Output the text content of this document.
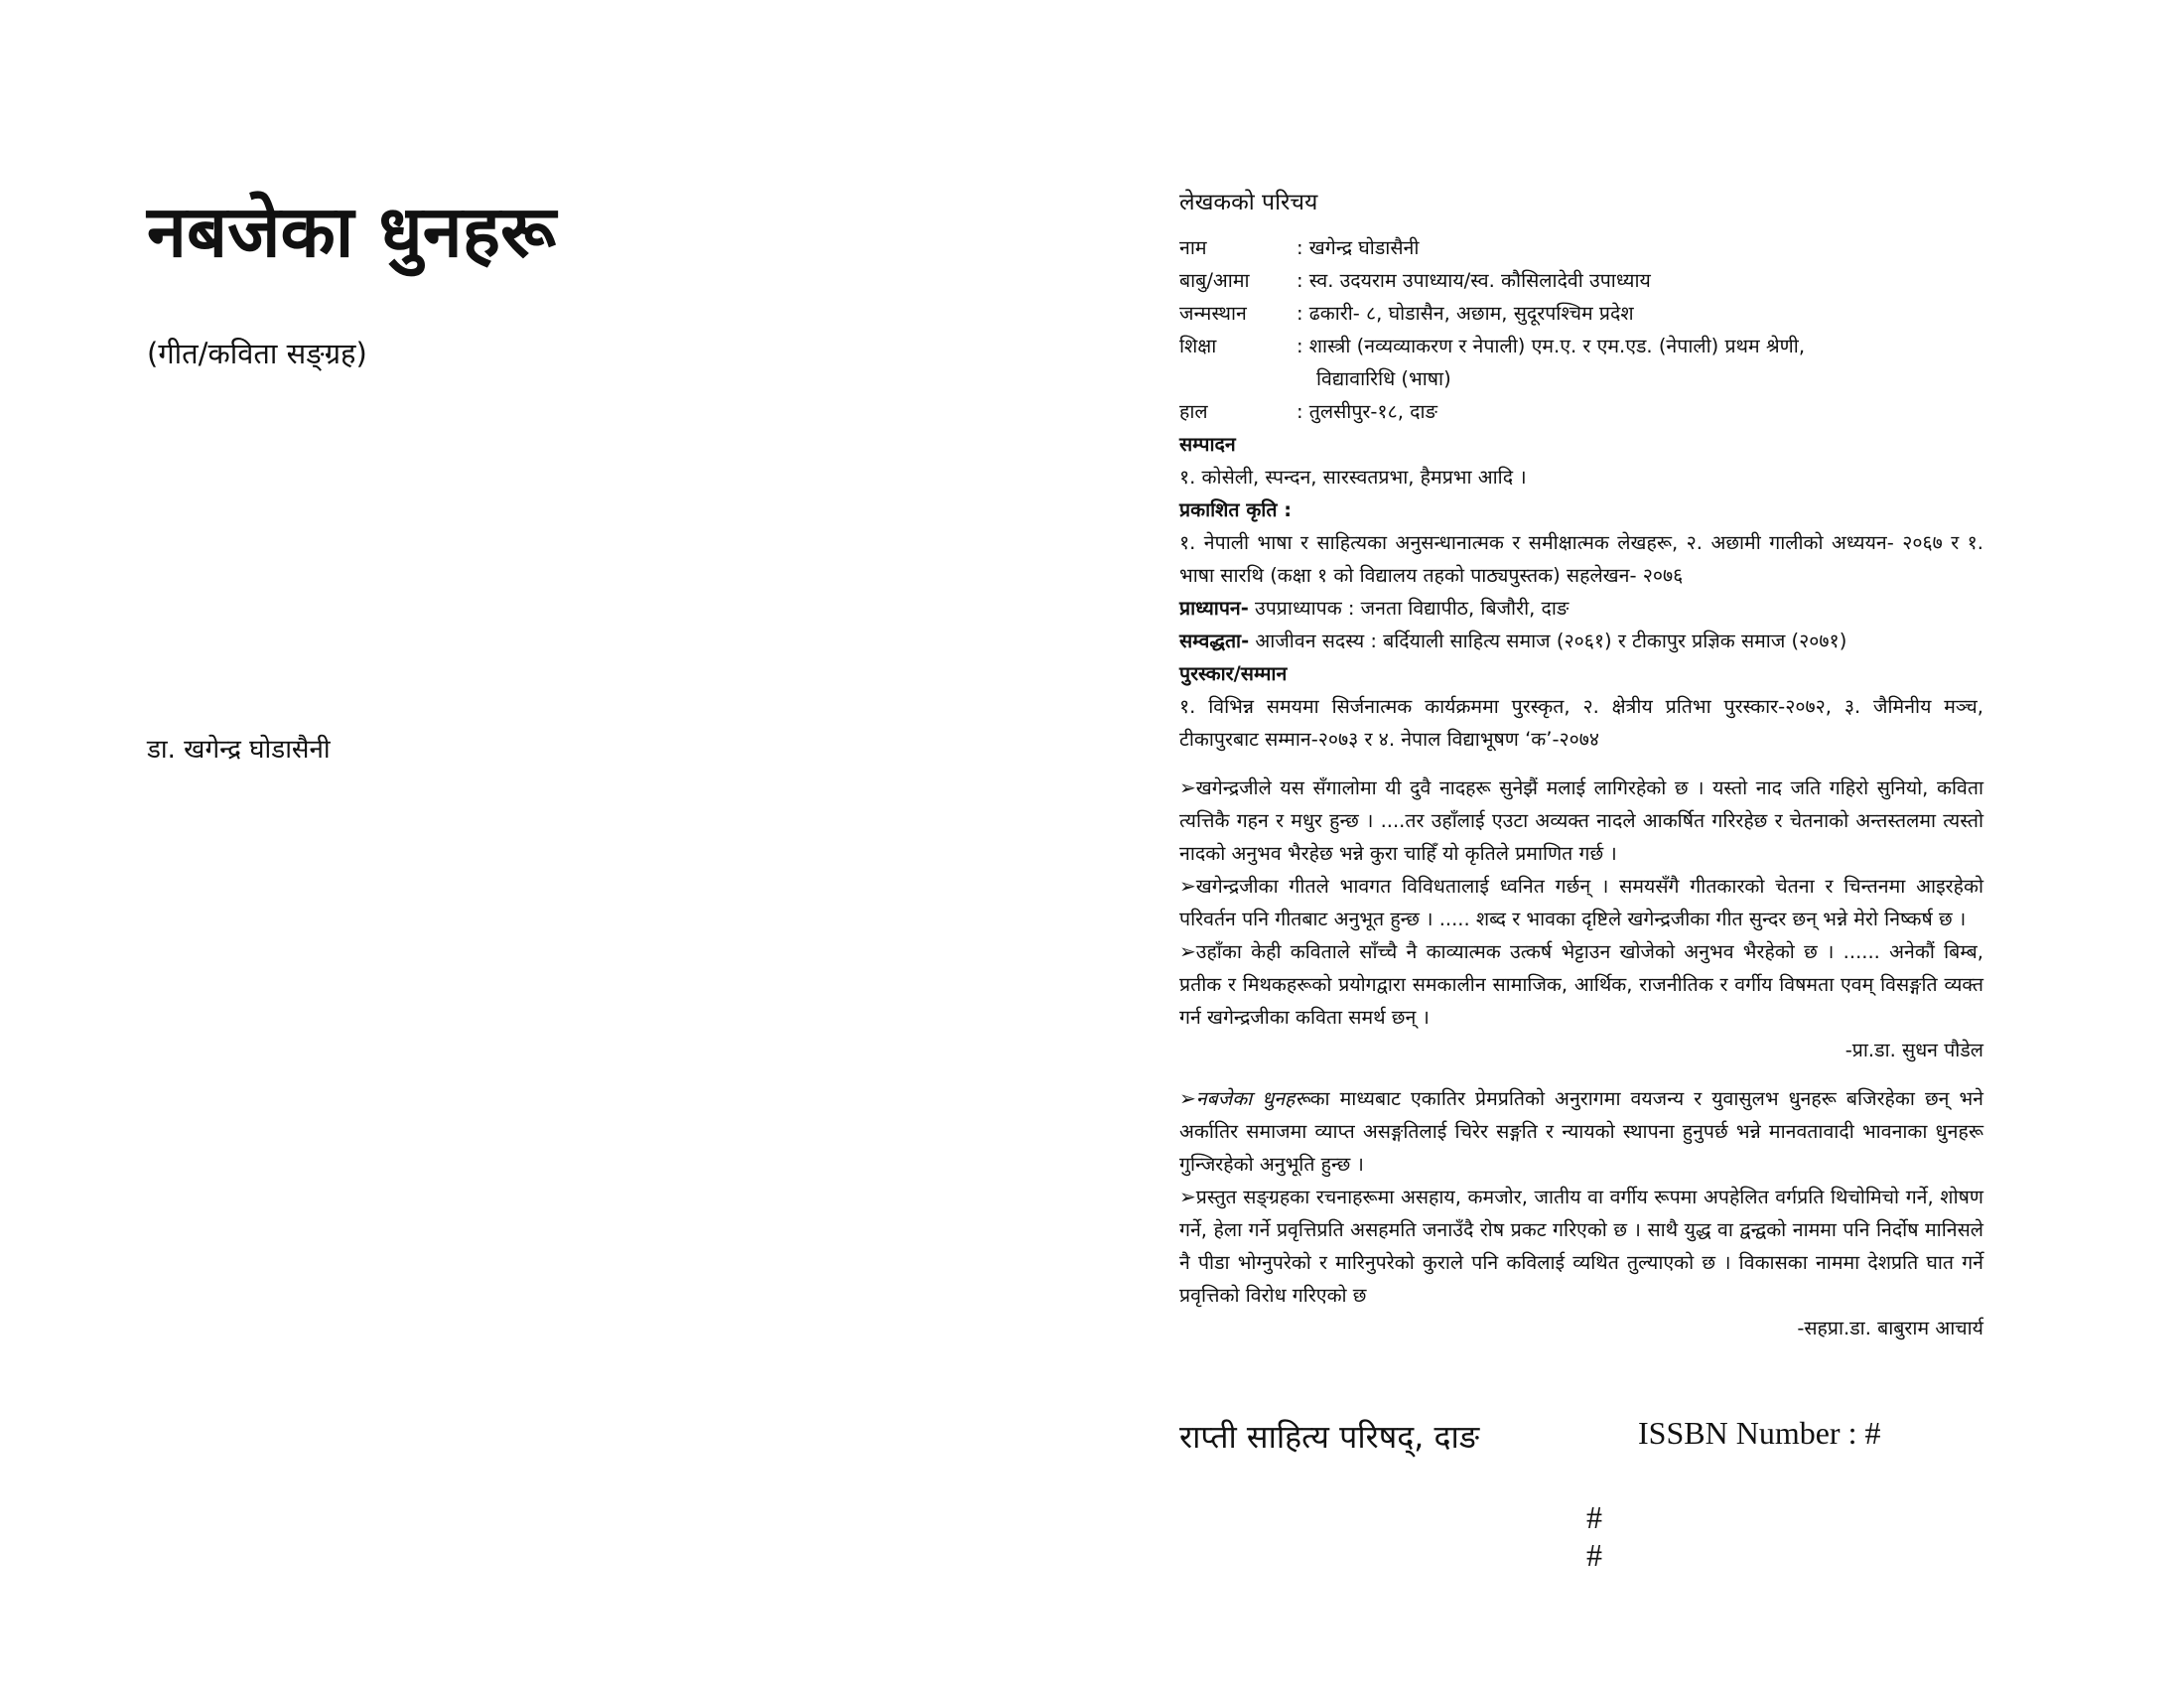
नबजेका धुनहरू
(गीत/कविता सङ्ग्रह)
डा. खगेन्द्र घोडासैनी
लेखकको परिचय
नाम	: खगेन्द्र घोडासैनी
बाबु/आमा	: स्व. उदयराम उपाध्याय/स्व. कौसिलादेवी उपाध्याय
जन्मस्थान	: ढकारी- ८, घोडासैन, अछाम, सुदूरपश्चिम प्रदेश
शिक्षा	: शास्त्री (नव्यव्याकरण र नेपाली) एम.ए. र एम.एड. (नेपाली) प्रथम श्रेणी,
विद्यावारिधि (भाषा)
हाल	: तुलसीपुर-१८, दाङ
सम्पादन
१. कोसेली, स्पन्दन, सारस्वतप्रभा, हैमप्रभा आदि ।
प्रकाशित कृति :
१. नेपाली भाषा र साहित्यका अनुसन्धानात्मक र समीक्षात्मक लेखहरू, २. अछामी गालीको अध्ययन- २०६७ र १. भाषा सारथि (कक्षा १ को विद्यालय तहको पाठ्यपुस्तक) सहलेखन- २०७६
प्राध्यापन- उपप्राध्यापक : जनता विद्यापीठ, बिजौरी, दाङ
सम्वद्धता- आजीवन सदस्य : बर्दियाली साहित्य समाज (२०६१) र टीकापुर प्रज्ञिक समाज (२०७१)
पुरस्कार/सम्मान
१. विभिन्न समयमा सिर्जनात्मक कार्यक्रममा पुरस्कृत, २. क्षेत्रीय प्रतिभा पुरस्कार-२०७२, ३. जैमिनीय मञ्च, टीकापुरबाट सम्मान-२०७३ र ४. नेपाल विद्याभूषण ‘क’-२०७४
➢खगेन्द्रजीले यस सँगालोमा यी दुवै नादहरू सुनेझैं मलाई लागिरहेको छ । यस्तो नाद जति गहिरो सुनियो, कविता त्यत्तिकै गहन र मधुर हुन्छ । ....तर उहाँलाई एउटा अव्यक्त नादले आकर्षित गरिरहेछ र चेतनाको अन्तस्तलमा त्यस्तो नादको अनुभव भैरहेछ भन्ने कुरा चाहिँ यो कृतिले प्रमाणित गर्छ ।
➢खगेन्द्रजीका गीतले भावगत विविधतालाई ध्वनित गर्छन् । समयसँगै गीतकारको चेतना र चिन्तनमा आइरहेको परिवर्तन पनि गीतबाट अनुभूत हुन्छ । ..... शब्द र भावका दृष्टिले खगेन्द्रजीका गीत सुन्दर छन् भन्ने मेरो निष्कर्ष छ ।
➢उहाँका केही कविताले साँच्चै नै काव्यात्मक उत्कर्ष भेट्टाउन खोजेको अनुभव भैरहेको छ । ...... अनेकौं बिम्ब, प्रतीक र मिथकहरूको प्रयोगद्वारा समकालीन सामाजिक, आर्थिक, राजनीतिक र वर्गीय विषमता एवम् विसङ्गति व्यक्त गर्न खगेन्द्रजीका कविता समर्थ छन् ।
-प्रा.डा. सुधन पौडेल
➢नबजेका धुनहरूका माध्यबाट एकातिर प्रेमप्रतिको अनुरागमा वयजन्य र युवासुलभ धुनहरू बजिरहेका छन् भने अर्कातिर समाजमा व्याप्त असङ्गतिलाई चिरेर सङ्गति र न्यायको स्थापना हुनुपर्छ भन्ने मानवतावादी भावनाका धुनहरू गुन्जिरहेको अनुभूति हुन्छ ।
➢प्रस्तुत सङ्ग्रहका रचनाहरूमा असहाय, कमजोर, जातीय वा वर्गीय रूपमा अपहेलित वर्गप्रति थिचोमिचो गर्ने, शोषण गर्ने, हेला गर्ने प्रवृत्तिप्रति असहमति जनाउँदै रोष प्रकट गरिएको छ । साथै युद्ध वा द्वन्द्वको नाममा पनि निर्दोष मानिसले नै पीडा भोग्नुपरेको र मारिनुपरेको कुराले पनि कविलाई व्यथित तुल्याएको छ । विकासका नाममा देशप्रति घात गर्ने प्रवृत्तिको विरोध गरिएको छ
-सहप्रा.डा. बाबुराम आचार्य
राप्ती साहित्य परिषद्, दाङ	ISSBN Number : #
#
#
